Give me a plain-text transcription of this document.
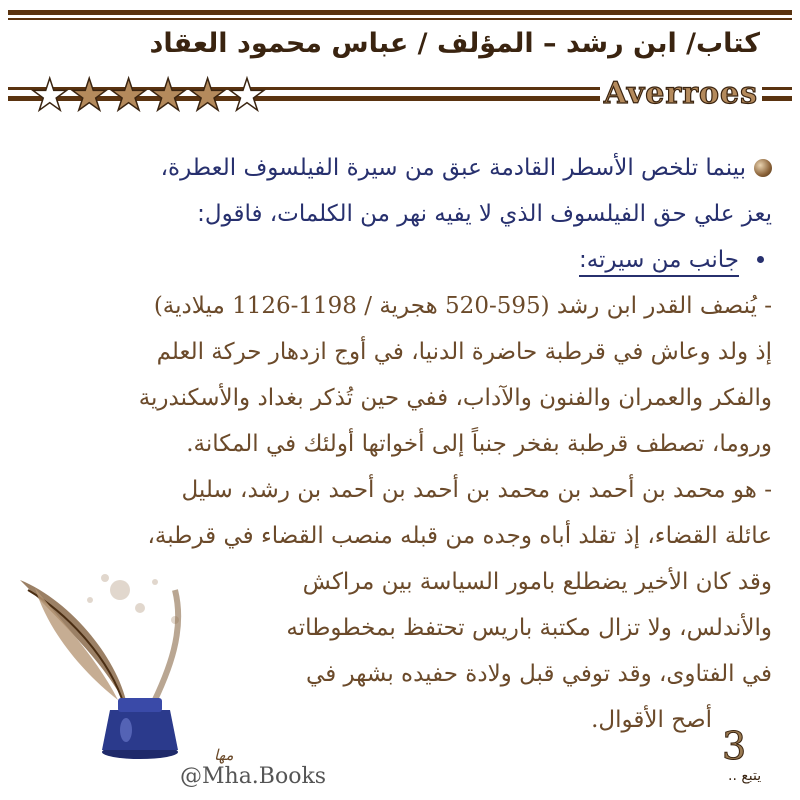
كتاب/ ابن رشد – المؤلف / عباس محمود العقاد
★ ★ ★ ★ ★ ★	Averroes
بينما تلخص الأسطر القادمة عبق من سيرة الفيلسوف العطرة،
يعز علي حق الفيلسوف الذي لا يفيه نهر من الكلمات، فاقول:
جانب من سيرته:
- يُنصف القدر ابن رشد (595-520 هجرية / 1198-1126 ميلادية)
إذ ولد وعاش في قرطبة حاضرة الدنيا، في أوج ازدهار حركة العلم
والفكر والعمران والفنون والآداب، ففي حين تُذكر بغداد والأسكندرية
وروما، تصطف قرطبة بفخر جنباً إلى أخواتها أولئك في المكانة.
- هو محمد بن أحمد بن محمد بن أحمد بن أحمد بن رشد، سليل
عائلة القضاء، إذ تقلد أباه وجده من قبله منصب القضاء في قرطبة،
وقد كان الأخير يضطلع بامور السياسة بين مراكش
والأندلس، ولا تزال مكتبة باريس تحتفظ بمخطوطاته
في الفتاوى، وقد توفي قبل ولادة حفيده بشهر في
أصح الأقوال.
مها
@Mha.Books
3
يتبع ..
